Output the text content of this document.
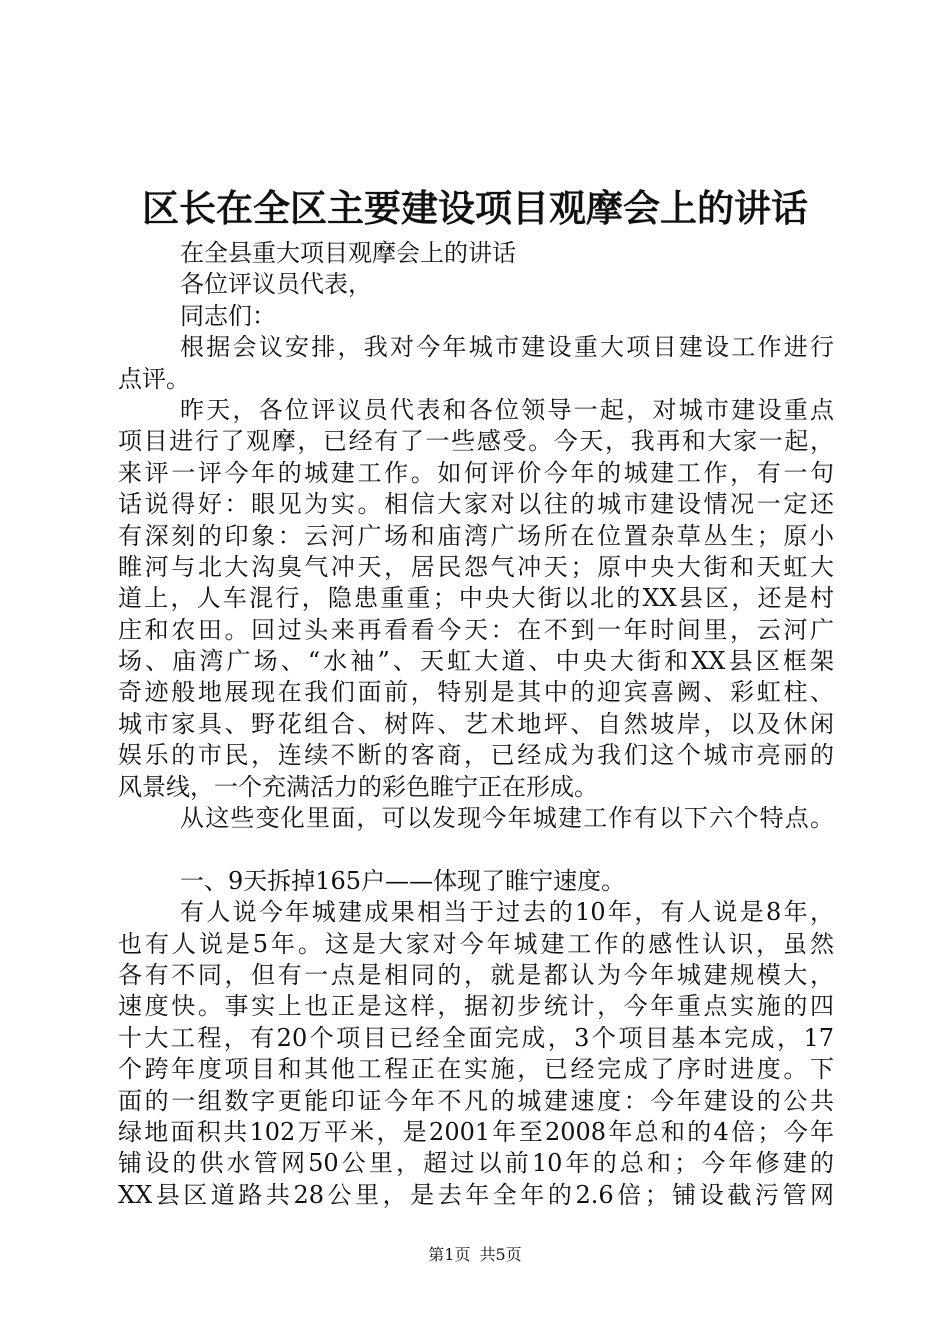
区长在全区主要建设项目观摩会上的讲话

在全县重大项目观摩会上的讲话

各位评议员代表，

同志们：

根据会议安排，我对今年城市建设重大项目建设工作进行

点评。

昨天，各位评议员代表和各位领导一起，对城市建设重点

项目进行了观摩，已经有了一些感受。今天，我再和大家一起，

来评一评今年的城建工作。如何评价今年的城建工作，有一句

话说得好：眼见为实。相信大家对以往的城市建设情况一定还

有深刻的印象：云河广场和庙湾广场所在位置杂草丛生；原小

睢河与北大沟臭气冲天，居民怨气冲天；原中央大街和天虹大

道上，人车混行，隐患重重；中央大街以北的XX县区，还是村

庄和农田。回过头来再看看今天：在不到一年时间里，云河广

场、庙湾广场、“水袖”、天虹大道、中央大街和XX县区框架

奇迹般地展现在我们面前，特别是其中的迎宾喜阙、彩虹柱、

城市家具、野花组合、树阵、艺术地坪、自然坡岸，以及休闲

娱乐的市民，连续不断的客商，已经成为我们这个城市亮丽的

风景线，一个充满活力的彩色睢宁正在形成。

从这些变化里面，可以发现今年城建工作有以下六个特点。

一、9天拆掉165户——体现了睢宁速度。

有人说今年城建成果相当于过去的10年，有人说是8年，

也有人说是5年。这是大家对今年城建工作的感性认识，虽然

各有不同，但有一点是相同的，就是都认为今年城建规模大，

速度快。事实上也正是这样，据初步统计，今年重点实施的四

十大工程，有20个项目已经全面完成，3个项目基本完成，17

个跨年度项目和其他工程正在实施，已经完成了序时进度。下

面的一组数字更能印证今年不凡的城建速度：今年建设的公共

绿地面积共102万平米，是2001年至2008年总和的4倍；今年

铺设的供水管网50公里，超过以前10年的总和；今年修建的

XX县区道路共28公里，是去年全年的2.6倍；铺设截污管网

第1页 共5页
